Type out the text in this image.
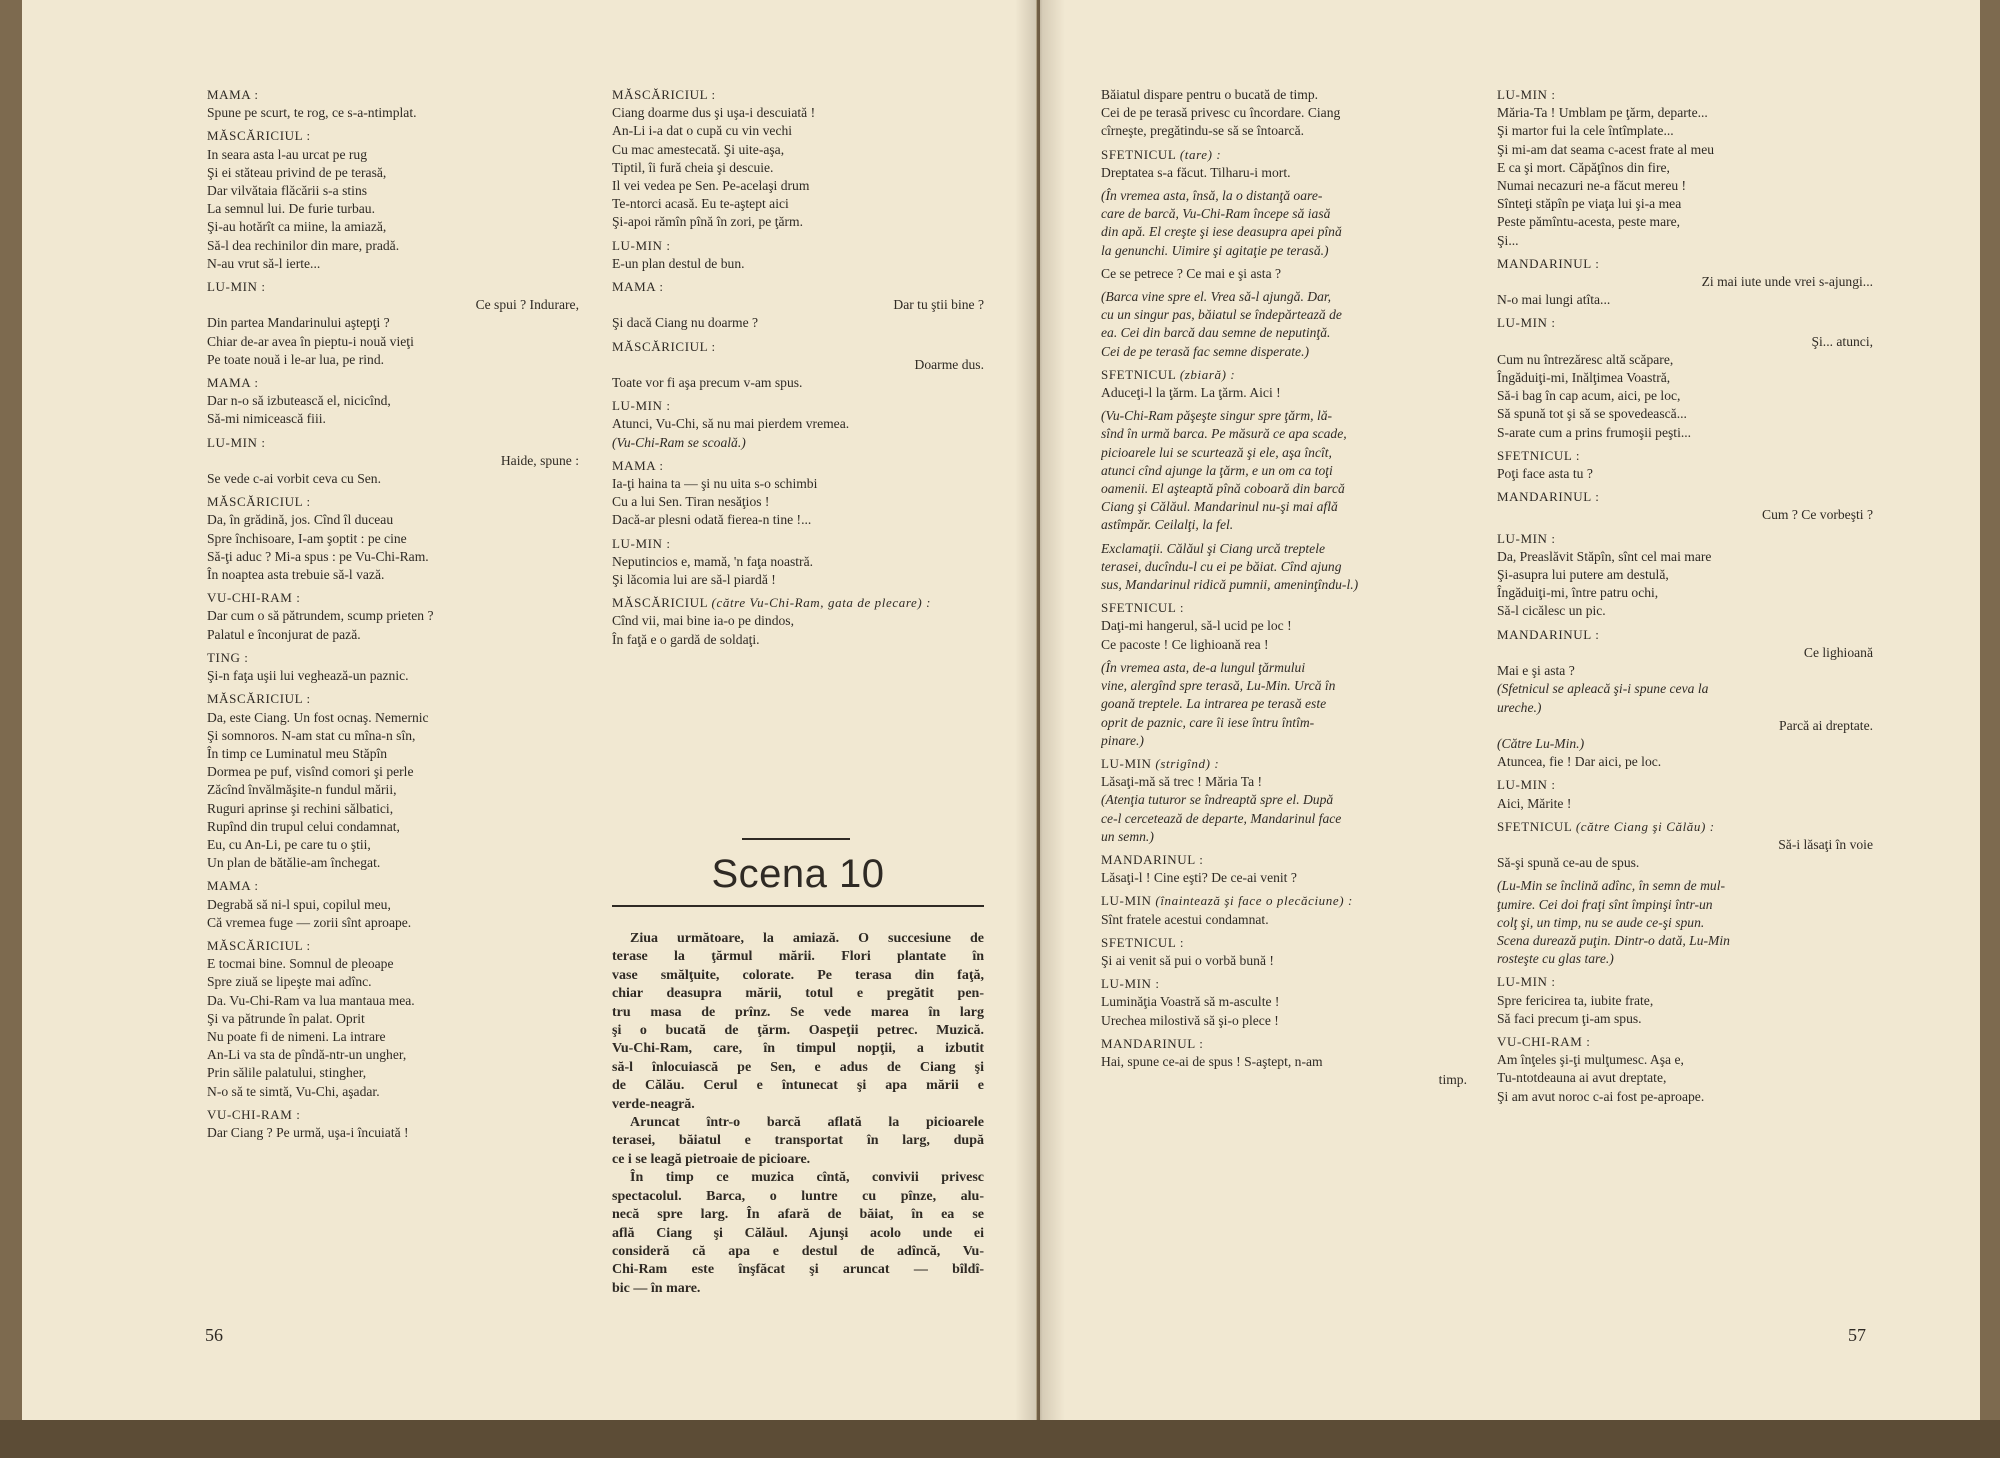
MAMA :
Spune pe scurt, te rog, ce s-a-ntimplat.
MĂSCĂRICIUL :
In seara asta l-au urcat pe rug
Şi ei stăteau privind de pe terasă,
Dar vilvătaia flăcării s-a stins
La semnul lui. De furie turbau.
Şi-au hotărît ca miine, la amiază,
Să-l dea rechinilor din mare, pradă.
N-au vrut să-l ierte...
LU-MIN :
Ce spui ? Indurare,
Din partea Mandarinului aştepţi ?
Chiar de-ar avea în pieptu-i nouă vieţi
Pe toate nouă i le-ar lua, pe rind.
MAMA :
Dar n-o să izbutească el, nicicînd,
Să-mi nimicească fiii.
LU-MIN :
Haide, spune :
Se vede c-ai vorbit ceva cu Sen.
MĂSCĂRICIUL :
Da, în grădină, jos. Cînd îl duceau
Spre închisoare, I-am şoptit : pe cine
Să-ţi aduc ? Mi-a spus : pe Vu-Chi-Ram.
În noaptea asta trebuie să-l vază.
VU-CHI-RAM :
Dar cum o să pătrundem, scump prieten ?
Palatul e înconjurat de pază.
TING :
Şi-n faţa uşii lui veghează-un paznic.
MĂSCĂRICIUL :
Da, este Ciang. Un fost ocnaş. Nemernic
Şi somnoros. N-am stat cu mîna-n sîn,
În timp ce Luminatul meu Stăpîn
Dormea pe puf, visînd comori şi perle
Zăcînd învălmăşite-n fundul mării,
Ruguri aprinse şi rechini sălbatici,
Rupînd din trupul celui condamnat,
Eu, cu An-Li, pe care tu o ştii,
Un plan de bătălie-am închegat.
MAMA :
Degrabă să ni-l spui, copilul meu,
Că vremea fuge — zorii sînt aproape.
MĂSCĂRICIUL :
E tocmai bine. Somnul de pleoape
Spre ziuă se lipeşte mai adînc.
Da. Vu-Chi-Ram va lua mantaua mea.
Şi va pătrunde în palat. Oprit
Nu poate fi de nimeni. La intrare
An-Li va sta de pîndă-ntr-un ungher,
Prin sălile palatului, stingher,
N-o să te simtă, Vu-Chi, aşadar.
VU-CHI-RAM :
Dar Ciang ? Pe urmă, uşa-i încuiată !
MĂSCĂRICIUL :
Ciang doarme dus şi uşa-i descuiată !
An-Li i-a dat o cupă cu vin vechi
Cu mac amestecată. Şi uite-aşa,
Tiptil, îi fură cheia şi descuie.
Il vei vedea pe Sen. Pe-acelaşi drum
Te-ntorci acasă. Eu te-aştept aici
Şi-apoi rămîn pînă în zori, pe ţărm.
LU-MIN :
E-un plan destul de bun.
MAMA :
Dar tu ştii bine ?
Şi dacă Ciang nu doarme ?
MĂSCĂRICIUL :
Doarme dus.
Toate vor fi aşa precum v-am spus.
LU-MIN :
Atunci, Vu-Chi, să nu mai pierdem vremea.
(Vu-Chi-Ram se scoală.)
MAMA :
Ia-ţi haina ta — şi nu uita s-o schimbi
Cu a lui Sen. Tiran nesăţios !
Dacă-ar plesni odată fierea-n tine !...
LU-MIN :
Neputincios e, mamă, 'n faţa noastră.
Şi lăcomia lui are să-l piardă !
MĂSCĂRICIUL (către Vu-Chi-Ram, gata de plecare) :
Cînd vii, mai bine ia-o pe dindos,
În faţă e o gardă de soldaţi.
Scena 10
Ziua următoare, la amiază. O succesiune de
terase la ţărmul mării. Flori plantate în
vase smălţuite, colorate. Pe terasa din faţă,
chiar deasupra mării, totul e pregătit pen-
tru masa de prînz. Se vede marea în larg
şi o bucată de ţărm. Oaspeţii petrec. Muzică.
Vu-Chi-Ram, care, în timpul nopţii, a izbutit
să-l înlocuiască pe Sen, e adus de Ciang şi
de Călău. Cerul e întunecat şi apa mării e
verde-neagră.
Aruncat într-o barcă aflată la picioarele
terasei, băiatul e transportat în larg, după
ce i se leagă pietroaie de picioare.
În timp ce muzica cîntă, convivii privesc
spectacolul. Barca, o luntre cu pînze, alu-
necă spre larg. În afară de băiat, în ea se
află Ciang şi Călăul. Ajunşi acolo unde ei
consideră că apa e destul de adîncă, Vu-
Chi-Ram este înşfăcat şi aruncat — bîldî-
bic — în mare.
56
Băiatul dispare pentru o bucată de timp.
Cei de pe terasă privesc cu încordare. Ciang
cîrneşte, pregătindu-se să se întoarcă.
SFETNICUL (tare) :
Dreptatea s-a făcut. Tilharu-i mort.
(În vremea asta, însă, la o distanţă oare-
care de barcă, Vu-Chi-Ram începe să iasă
din apă. El creşte şi iese deasupra apei pînă
la genunchi. Uimire şi agitaţie pe terasă.)
Ce se petrece ? Ce mai e şi asta ?
(Barca vine spre el. Vrea să-l ajungă. Dar,
cu un singur pas, băiatul se îndepărtează de
ea. Cei din barcă dau semne de neputinţă.
Cei de pe terasă fac semne disperate.)
SFETNICUL (zbiară) :
Aduceţi-l la ţărm. La ţărm. Aici !
(Vu-Chi-Ram păşeşte singur spre ţărm, lă-
sînd în urmă barca. Pe măsură ce apa scade,
picioarele lui se scurtează şi ele, aşa încît,
atunci cînd ajunge la ţărm, e un om ca toţi
oamenii. El aşteaptă pînă coboară din barcă
Ciang şi Călăul. Mandarinul nu-şi mai află
astîmpăr. Ceilalţi, la fel.
Exclamaţii. Călăul şi Ciang urcă treptele
terasei, ducîndu-l cu ei pe băiat. Cînd ajung
sus, Mandarinul ridică pumnii, ameninţîndu-l.)
SFETNICUL :
Daţi-mi hangerul, să-l ucid pe loc !
Ce pacoste ! Ce lighioană rea !
(În vremea asta, de-a lungul ţărmului
vine, alergînd spre terasă, Lu-Min. Urcă în
goană treptele. La intrarea pe terasă este
oprit de paznic, care îi iese întru întîm-
pinare.)
LU-MIN (strigînd) :
Lăsaţi-mă să trec ! Măria Ta !
(Atenţia tuturor se îndreaptă spre el. După
ce-l cercetează de departe, Mandarinul face
un semn.)
MANDARINUL :
Lăsaţi-l ! Cine eşti? De ce-ai venit ?
LU-MIN (înaintează şi face o plecăciune) :
Sînt fratele acestui condamnat.
SFETNICUL :
Şi ai venit să pui o vorbă bună !
LU-MIN :
Luminăţia Voastră să m-asculte !
Urechea milostivă să şi-o plece !
MANDARINUL :
Hai, spune ce-ai de spus ! S-aştept, n-am
timp.
LU-MIN :
Măria-Ta ! Umblam pe ţărm, departe...
Şi martor fui la cele întîmplate...
Şi mi-am dat seama c-acest frate al meu
E ca şi mort. Căpăţînos din fire,
Numai necazuri ne-a făcut mereu !
Sînteţi stăpîn pe viaţa lui şi-a mea
Peste pămîntu-acesta, peste mare,
Şi...
MANDARINUL :
Zi mai iute unde vrei s-ajungi...
N-o mai lungi atîta...
LU-MIN :
Şi... atunci,
Cum nu întrezăresc altă scăpare,
Îngăduiţi-mi, Inălţimea Voastră,
Să-i bag în cap acum, aici, pe loc,
Să spună tot şi să se spovedească...
S-arate cum a prins frumoşii peşti...
SFETNICUL :
Poţi face asta tu ?
MANDARINUL :
Cum ? Ce vorbeşti ?
LU-MIN :
Da, Preaslăvit Stăpîn, sînt cel mai mare
Şi-asupra lui putere am destulă,
Îngăduiţi-mi, între patru ochi,
Să-l cicălesc un pic.
MANDARINUL :
Ce lighioană
Mai e şi asta ?
(Sfetnicul se apleacă şi-i spune ceva la
ureche.)
Parcă ai dreptate.
(Către Lu-Min.)
Atuncea, fie ! Dar aici, pe loc.
LU-MIN :
Aici, Mărite !
SFETNICUL (către Ciang şi Călău) :
Să-i lăsaţi în voie
Să-şi spună ce-au de spus.
(Lu-Min se înclină adînc, în semn de mul-
ţumire. Cei doi fraţi sînt împinşi într-un
colţ şi, un timp, nu se aude ce-şi spun.
Scena durează puţin. Dintr-o dată, Lu-Min
rosteşte cu glas tare.)
LU-MIN :
Spre fericirea ta, iubite frate,
Să faci precum ţi-am spus.
VU-CHI-RAM :
Am înţeles şi-ţi mulţumesc. Aşa e,
Tu-ntotdeauna ai avut dreptate,
Şi am avut noroc c-ai fost pe-aproape.
57
